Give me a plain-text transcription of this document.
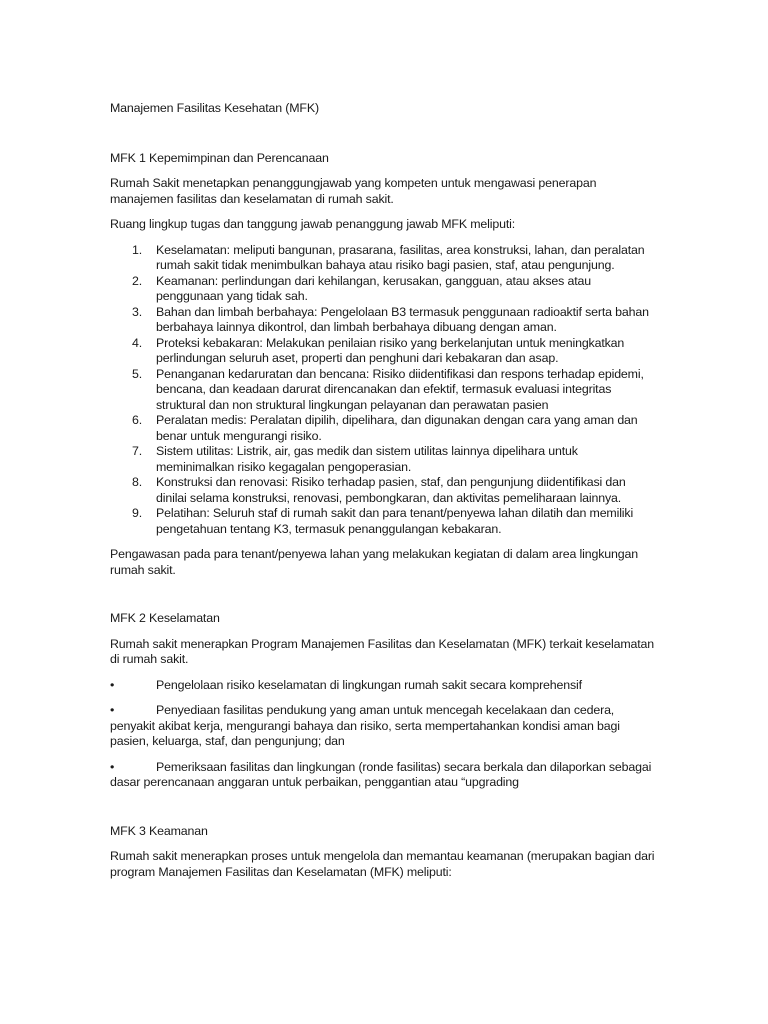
Manajemen Fasilitas Kesehatan (MFK)

MFK 1 Kepemimpinan dan Perencanaan

Rumah Sakit menetapkan penanggungjawab yang kompeten untuk mengawasi penerapan manajemen fasilitas dan keselamatan di rumah sakit.

Ruang lingkup tugas dan tanggung jawab penanggung jawab MFK meliputi:

1. Keselamatan: meliputi bangunan, prasarana, fasilitas, area konstruksi, lahan, dan peralatan rumah sakit tidak menimbulkan bahaya atau risiko bagi pasien, staf, atau pengunjung.
2. Keamanan: perlindungan dari kehilangan, kerusakan, gangguan, atau akses atau penggunaan yang tidak sah.
3. Bahan dan limbah berbahaya: Pengelolaan B3 termasuk penggunaan radioaktif serta bahan berbahaya lainnya dikontrol, dan limbah berbahaya dibuang dengan aman.
4. Proteksi kebakaran: Melakukan penilaian risiko yang berkelanjutan untuk meningkatkan perlindungan seluruh aset, properti dan penghuni dari kebakaran dan asap.
5. Penanganan kedaruratan dan bencana: Risiko diidentifikasi dan respons terhadap epidemi, bencana, dan keadaan darurat direncanakan dan efektif, termasuk evaluasi integritas struktural dan non struktural lingkungan pelayanan dan perawatan pasien
6. Peralatan medis: Peralatan dipilih, dipelihara, dan digunakan dengan cara yang aman dan benar untuk mengurangi risiko.
7. Sistem utilitas: Listrik, air, gas medik dan sistem utilitas lainnya dipelihara untuk meminimalkan risiko kegagalan pengoperasian.
8. Konstruksi dan renovasi: Risiko terhadap pasien, staf, dan pengunjung diidentifikasi dan dinilai selama konstruksi, renovasi, pembongkaran, dan aktivitas pemeliharaan lainnya.
9. Pelatihan: Seluruh staf di rumah sakit dan para tenant/penyewa lahan dilatih dan memiliki pengetahuan tentang K3, termasuk penanggulangan kebakaran.

Pengawasan pada para tenant/penyewa lahan yang melakukan kegiatan di dalam area lingkungan rumah sakit.

MFK 2 Keselamatan

Rumah sakit menerapkan Program Manajemen Fasilitas dan Keselamatan (MFK) terkait keselamatan di rumah sakit.

•	Pengelolaan risiko keselamatan di lingkungan rumah sakit secara komprehensif

•	Penyediaan fasilitas pendukung yang aman untuk mencegah kecelakaan dan cedera, penyakit akibat kerja, mengurangi bahaya dan risiko, serta mempertahankan kondisi aman bagi pasien, keluarga, staf, dan pengunjung; dan

•	Pemeriksaan fasilitas dan lingkungan (ronde fasilitas) secara berkala dan dilaporkan sebagai dasar perencanaan anggaran untuk perbaikan, penggantian atau “upgrading

MFK 3 Keamanan

Rumah sakit menerapkan proses untuk mengelola dan memantau keamanan (merupakan bagian dari program Manajemen Fasilitas dan Keselamatan (MFK) meliputi:
